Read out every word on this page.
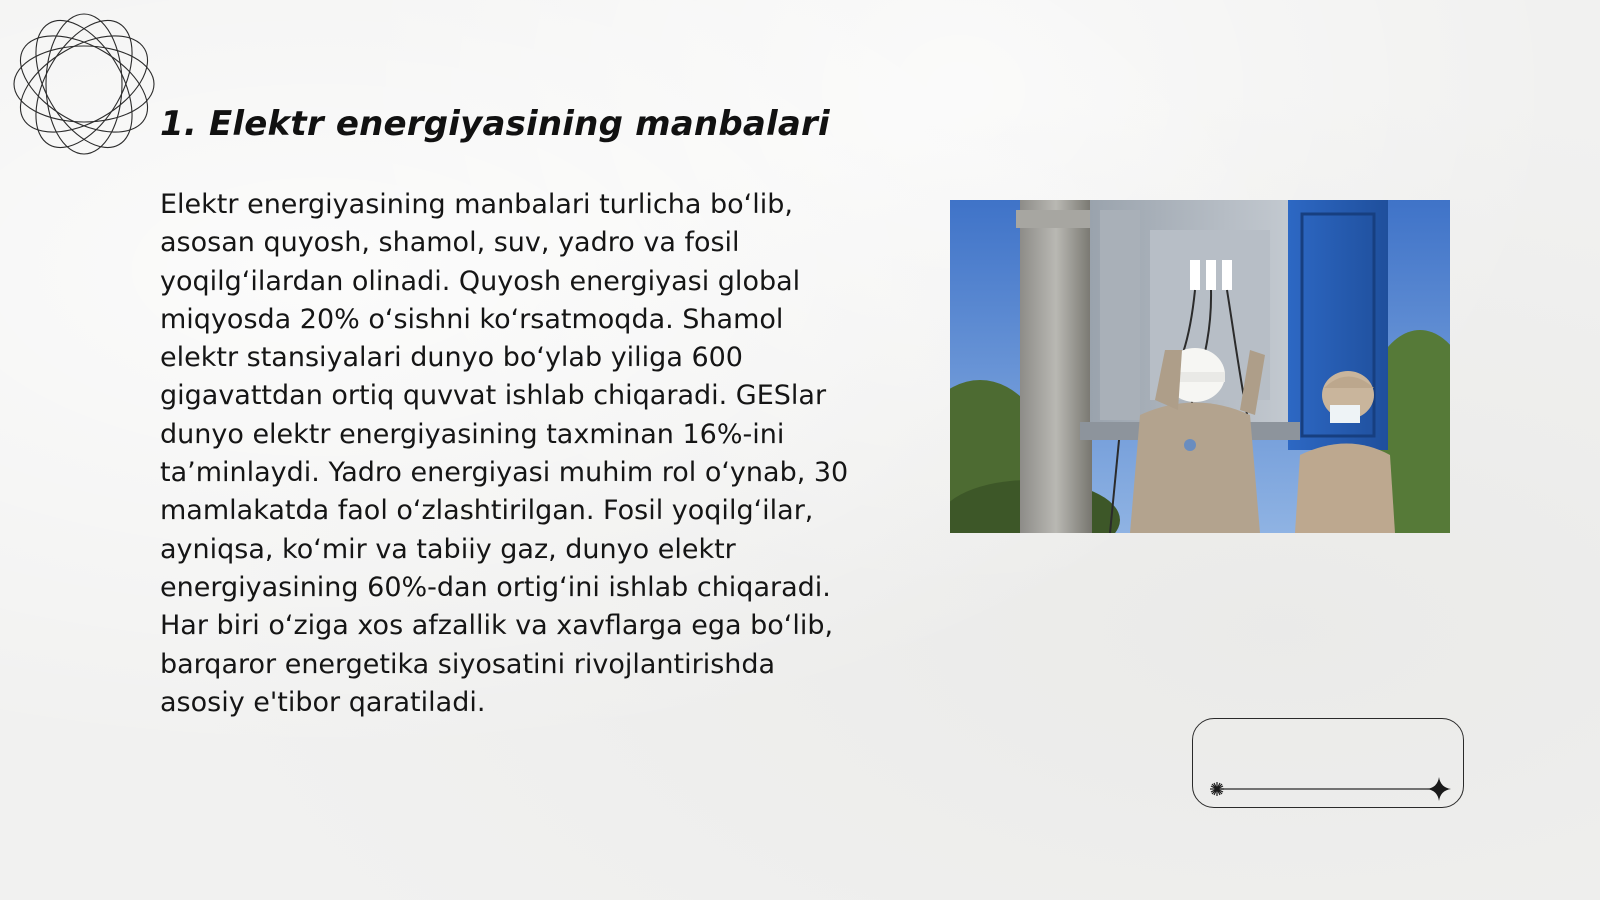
1. Elektr energiyasining manbalari

Elektr energiyasining manbalari turlicha bo‘lib, asosan quyosh, shamol, suv, yadro va fosil yoqilg‘ilardan olinadi. Quyosh energiyasi global miqyosda 20% o‘sishni ko‘rsatmoqda. Shamol elektr stansiyalari dunyo bo‘ylab yiliga 600 gigavattdan ortiq quvvat ishlab chiqaradi. GESlar dunyo elektr energiyasining taxminan 16%-ini ta’minlaydi. Yadro energiyasi muhim rol o‘ynab, 30 mamlakatda faol o‘zlashtirilgan. Fosil yoqilg‘ilar, ayniqsa, ko‘mir va tabiiy gaz, dunyo elektr energiyasining 60%-dan ortig‘ini ishlab chiqaradi. Har biri o‘ziga xos afzallik va xavflarga ega bo‘lib, barqaror energetika siyosatini rivojlantirishda asosiy e'tibor qaratiladi.
